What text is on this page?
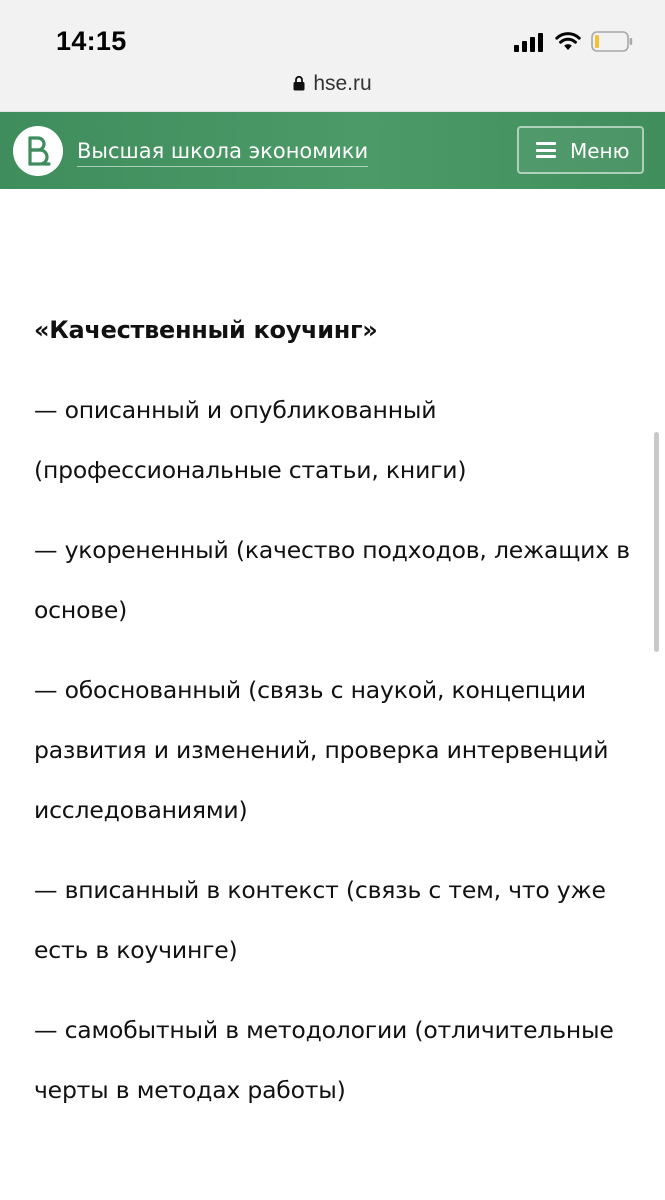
14:15
hse.ru
Высшая школа экономики	Меню
«Качественный коучинг»

— описанный и опубликованный (профессиональные статьи, книги)

— укорененный (качество подходов, лежащих в основе)

— обоснованный (связь с наукой, концепции развития и изменений, проверка интервенций исследованиями)

— вписанный в контекст (связь с тем, что уже есть в коучинге)

— самобытный в методологии (отличительные черты в методах работы)
